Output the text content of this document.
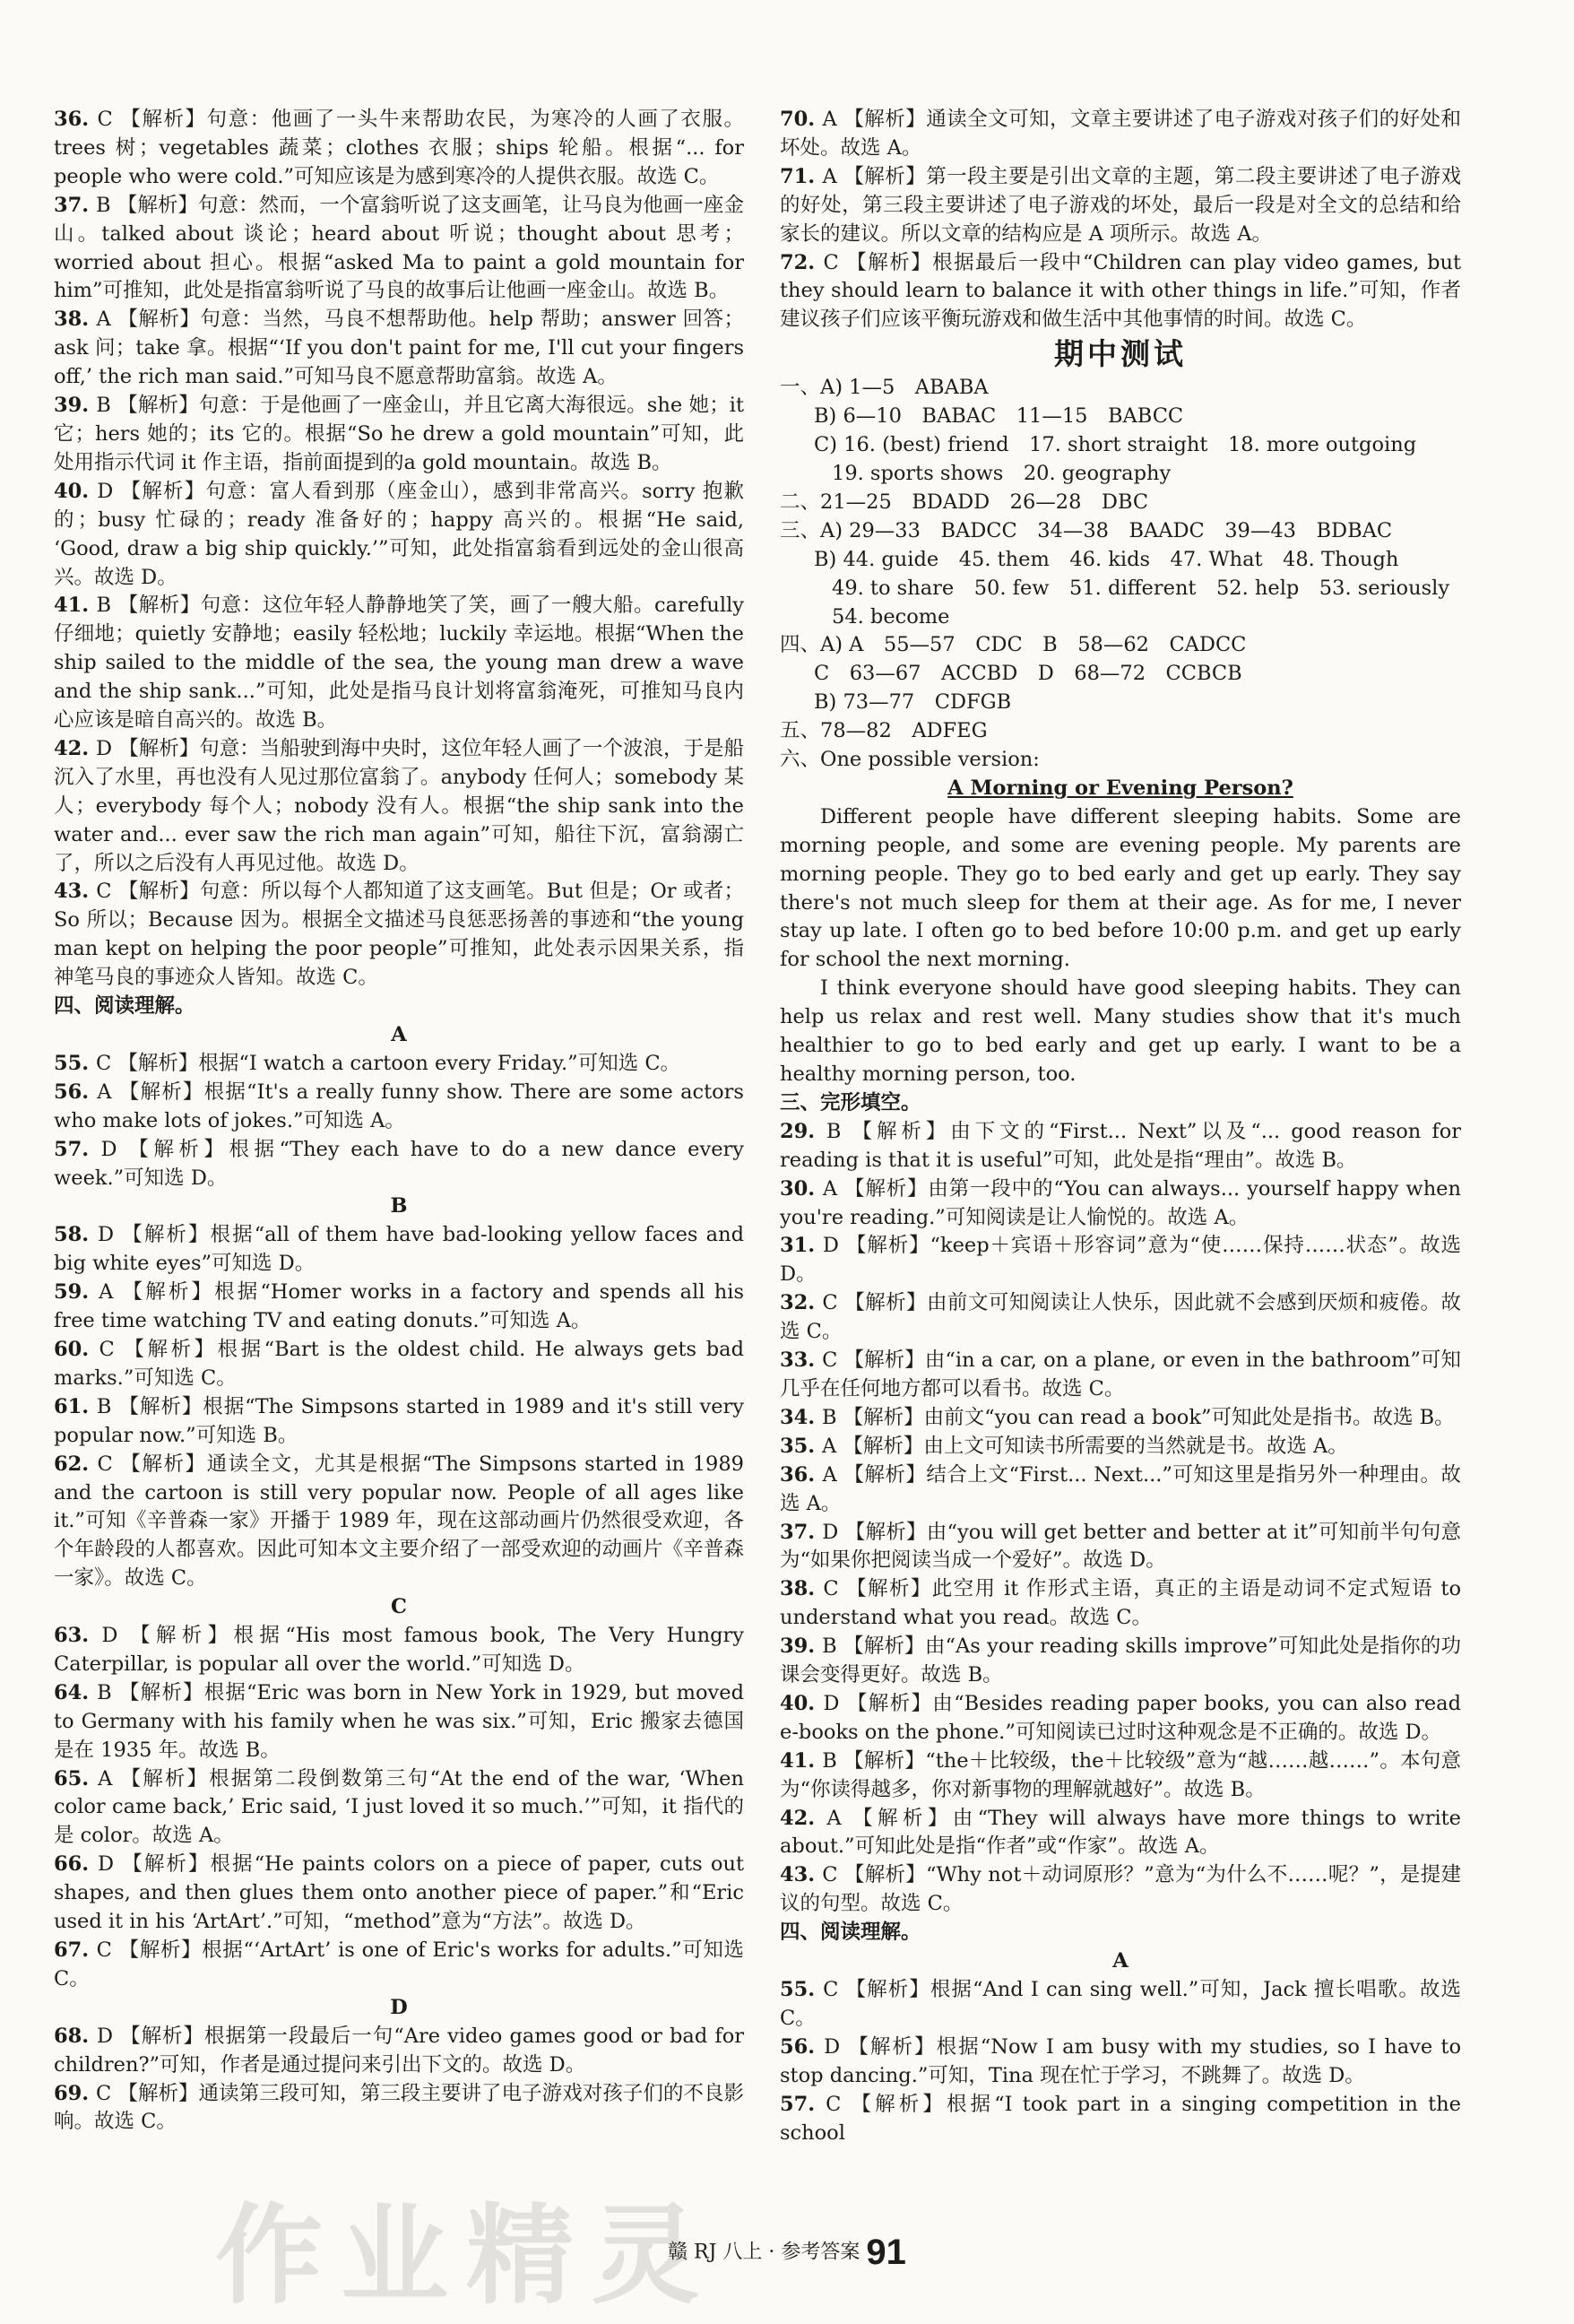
36. C 【解析】句意：他画了一头牛来帮助农民，为寒冷的人画了衣服。trees 树；vegetables 蔬菜；clothes 衣服；ships 轮船。根据“... for people who were cold.”可知应该是为感到寒冷的人提供衣服。故选 C。

37. B 【解析】句意：然而，一个富翁听说了这支画笔，让马良为他画一座金山。talked about 谈论；heard about 听说；thought about 思考；worried about 担心。根据“asked Ma to paint a gold mountain for him”可推知，此处是指富翁听说了马良的故事后让他画一座金山。故选 B。

38. A 【解析】句意：当然，马良不想帮助他。help 帮助；answer 回答；ask 问；take 拿。根据“‘If you don't paint for me, I'll cut your fingers off,’ the rich man said.”可知马良不愿意帮助富翁。故选 A。

39. B 【解析】句意：于是他画了一座金山，并且它离大海很远。she 她；it 它；hers 她的；its 它的。根据“So he drew a gold mountain”可知，此处用指示代词 it 作主语，指前面提到的a gold mountain。故选 B。

40. D 【解析】句意：富人看到那（座金山），感到非常高兴。sorry 抱歉的；busy 忙碌的；ready 准备好的；happy 高兴的。根据“He said, ‘Good, draw a big ship quickly.’”可知，此处指富翁看到远处的金山很高兴。故选 D。

41. B 【解析】句意：这位年轻人静静地笑了笑，画了一艘大船。carefully 仔细地；quietly 安静地；easily 轻松地；luckily 幸运地。根据“When the ship sailed to the middle of the sea, the young man drew a wave and the ship sank...”可知，此处是指马良计划将富翁淹死，可推知马良内心应该是暗自高兴的。故选 B。

42. D 【解析】句意：当船驶到海中央时，这位年轻人画了一个波浪，于是船沉入了水里，再也没有人见过那位富翁了。anybody 任何人；somebody 某人；everybody 每个人；nobody 没有人。根据“the ship sank into the water and... ever saw the rich man again”可知，船往下沉，富翁溺亡了，所以之后没有人再见过他。故选 D。

43. C 【解析】句意：所以每个人都知道了这支画笔。But 但是；Or 或者；So 所以；Because 因为。根据全文描述马良惩恶扬善的事迹和“the young man kept on helping the poor people”可推知，此处表示因果关系，指神笔马良的事迹众人皆知。故选 C。

四、阅读理解。

A

55. C 【解析】根据“I watch a cartoon every Friday.”可知选 C。

56. A 【解析】根据“It's a really funny show. There are some actors who make lots of jokes.”可知选 A。

57. D 【解析】根据“They each have to do a new dance every week.”可知选 D。

B

58. D 【解析】根据“all of them have bad-looking yellow faces and big white eyes”可知选 D。

59. A 【解析】根据“Homer works in a factory and spends all his free time watching TV and eating donuts.”可知选 A。

60. C 【解析】根据“Bart is the oldest child. He always gets bad marks.”可知选 C。

61. B 【解析】根据“The Simpsons started in 1989 and it's still very popular now.”可知选 B。

62. C 【解析】通读全文，尤其是根据“The Simpsons started in 1989 and the cartoon is still very popular now. People of all ages like it.”可知《辛普森一家》开播于 1989 年，现在这部动画片仍然很受欢迎，各个年龄段的人都喜欢。因此可知本文主要介绍了一部受欢迎的动画片《辛普森一家》。故选 C。

C

63. D 【解析】根据“His most famous book, The Very Hungry Caterpillar, is popular all over the world.”可知选 D。

64. B 【解析】根据“Eric was born in New York in 1929, but moved to Germany with his family when he was six.”可知，Eric 搬家去德国是在 1935 年。故选 B。

65. A 【解析】根据第二段倒数第三句“At the end of the war, ‘When color came back,’ Eric said, ‘I just loved it so much.’”可知，it 指代的是 color。故选 A。

66. D 【解析】根据“He paints colors on a piece of paper, cuts out shapes, and then glues them onto another piece of paper.”和“Eric used it in his ‘ArtArt’.”可知，“method”意为“方法”。故选 D。

67. C 【解析】根据“‘ArtArt’ is one of Eric's works for adults.”可知选 C。

D

68. D 【解析】根据第一段最后一句“Are video games good or bad for children?”可知，作者是通过提问来引出下文的。故选 D。

69. C 【解析】通读第三段可知，第三段主要讲了电子游戏对孩子们的不良影响。故选 C。

70. A 【解析】通读全文可知，文章主要讲述了电子游戏对孩子们的好处和坏处。故选 A。

71. A 【解析】第一段主要是引出文章的主题，第二段主要讲述了电子游戏的好处，第三段主要讲述了电子游戏的坏处，最后一段是对全文的总结和给家长的建议。所以文章的结构应是 A 项所示。故选 A。

72. C 【解析】根据最后一段中“Children can play video games, but they should learn to balance it with other things in life.”可知，作者建议孩子们应该平衡玩游戏和做生活中其他事情的时间。故选 C。

期中测试

一、A) 1—5　ABABA

B) 6—10　BABAC　11—15　BABCC

C) 16. (best) friend　17. short straight　18. more outgoing

19. sports shows　20. geography

二、21—25　BDADD　26—28　DBC

三、A) 29—33　BADCC　34—38　BAADC　39—43　BDBAC

B) 44. guide　45. them　46. kids　47. What　48. Though

49. to share　50. few　51. different　52. help　53. seriously

54. become

四、A) A　55—57　CDC　B　58—62　CADCC

C　63—67　ACCBD　D　68—72　CCBCB

B) 73—77　CDFGB

五、78—82　ADFEG

六、One possible version:

A Morning or Evening Person?

Different people have different sleeping habits. Some are morning people, and some are evening people. My parents are morning people. They go to bed early and get up early. They say there's not much sleep for them at their age. As for me, I never stay up late. I often go to bed before 10:00 p.m. and get up early for school the next morning.

I think everyone should have good sleeping habits. They can help us relax and rest well. Many studies show that it's much healthier to go to bed early and get up early. I want to be a healthy morning person, too.

三、完形填空。

29. B 【解析】由下文的“First... Next”以及“... good reason for reading is that it is useful”可知，此处是指“理由”。故选 B。

30. A 【解析】由第一段中的“You can always... yourself happy when you're reading.”可知阅读是让人愉悦的。故选 A。

31. D 【解析】“keep＋宾语＋形容词”意为“使……保持……状态”。故选 D。

32. C 【解析】由前文可知阅读让人快乐，因此就不会感到厌烦和疲倦。故选 C。

33. C 【解析】由“in a car, on a plane, or even in the bathroom”可知几乎在任何地方都可以看书。故选 C。

34. B 【解析】由前文“you can read a book”可知此处是指书。故选 B。

35. A 【解析】由上文可知读书所需要的当然就是书。故选 A。

36. A 【解析】结合上文“First... Next...”可知这里是指另外一种理由。故选 A。

37. D 【解析】由“you will get better and better at it”可知前半句句意为“如果你把阅读当成一个爱好”。故选 D。

38. C 【解析】此空用 it 作形式主语，真正的主语是动词不定式短语 to understand what you read。故选 C。

39. B 【解析】由“As your reading skills improve”可知此处是指你的功课会变得更好。故选 B。

40. D 【解析】由“Besides reading paper books, you can also read e-books on the phone.”可知阅读已过时这种观念是不正确的。故选 D。

41. B 【解析】“the＋比较级，the＋比较级”意为“越……越……”。本句意为“你读得越多，你对新事物的理解就越好”。故选 B。

42. A 【解析】由“They will always have more things to write about.”可知此处是指“作者”或“作家”。故选 A。

43. C 【解析】“Why not＋动词原形？”意为“为什么不……呢？”，是提建议的句型。故选 C。

四、阅读理解。

A

55. C 【解析】根据“And I can sing well.”可知，Jack 擅长唱歌。故选 C。

56. D 【解析】根据“Now I am busy with my studies, so I have to stop dancing.”可知，Tina 现在忙于学习，不跳舞了。故选 D。

57. C 【解析】根据“I took part in a singing competition in the school

作业精灵
赣 RJ 八上 · 参考答案 91
